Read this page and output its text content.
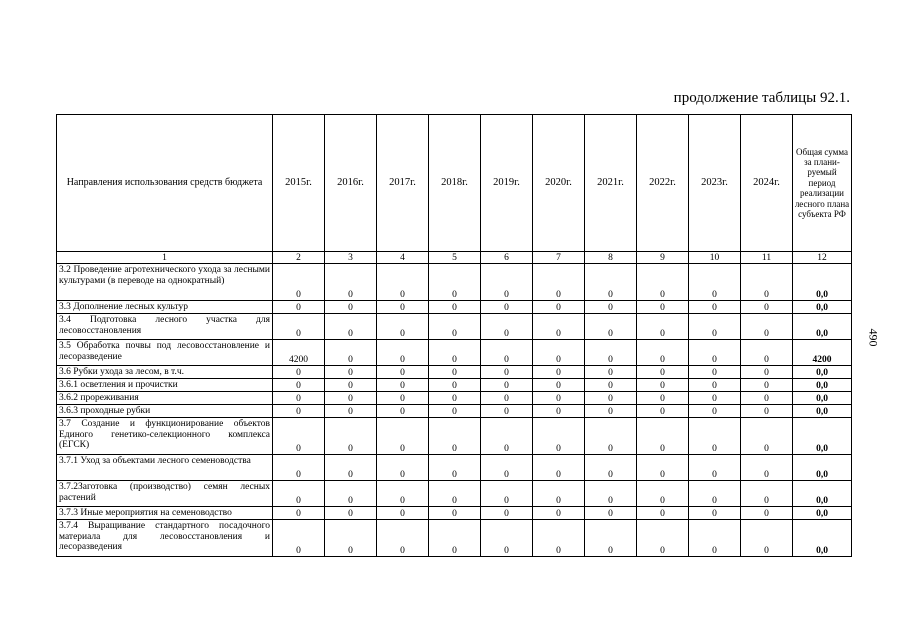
продолжение таблицы 92.1.
490
Направления использования средств бюджета	2015г.	2016г.	2017г.	2018г.	2019г.	2020г.	2021г.	2022г.	2023г.	2024г.	Общая сумма за плани-руемый период реализации лесного плана субъекта РФ
1	2	3	4	5	6	7	8	9	10	11	12
3.2 Проведение агротехнического ухода за лесными культурами (в переводе на однократный)	0	0	0	0	0	0	0	0	0	0	0,0
3.3 Дополнение лесных культур	0	0	0	0	0	0	0	0	0	0	0,0
3.4 Подготовка лесного участка для лесовосстановления	0	0	0	0	0	0	0	0	0	0	0,0
3.5 Обработка почвы под лесовосстановление и лесоразведение	4200	0	0	0	0	0	0	0	0	0	4200
3.6 Рубки ухода за лесом, в т.ч.	0	0	0	0	0	0	0	0	0	0	0,0
3.6.1 осветления и прочистки	0	0	0	0	0	0	0	0	0	0	0,0
3.6.2 прореживания	0	0	0	0	0	0	0	0	0	0	0,0
3.6.3 проходные рубки	0	0	0	0	0	0	0	0	0	0	0,0
3.7 Создание и функционирование объектов Единого генетико-селекционного комплекса (ЕГСК)	0	0	0	0	0	0	0	0	0	0	0,0
3.7.1 Уход за объектами лесного семеноводства	0	0	0	0	0	0	0	0	0	0	0,0
3.7.2Заготовка (производство) семян лесных растений	0	0	0	0	0	0	0	0	0	0	0,0
3.7.3 Иные мероприятия на семеноводство	0	0	0	0	0	0	0	0	0	0	0,0
3.7.4 Выращивание стандартного посадочного материала для лесовосстановления и лесоразведения	0	0	0	0	0	0	0	0	0	0	0,0
